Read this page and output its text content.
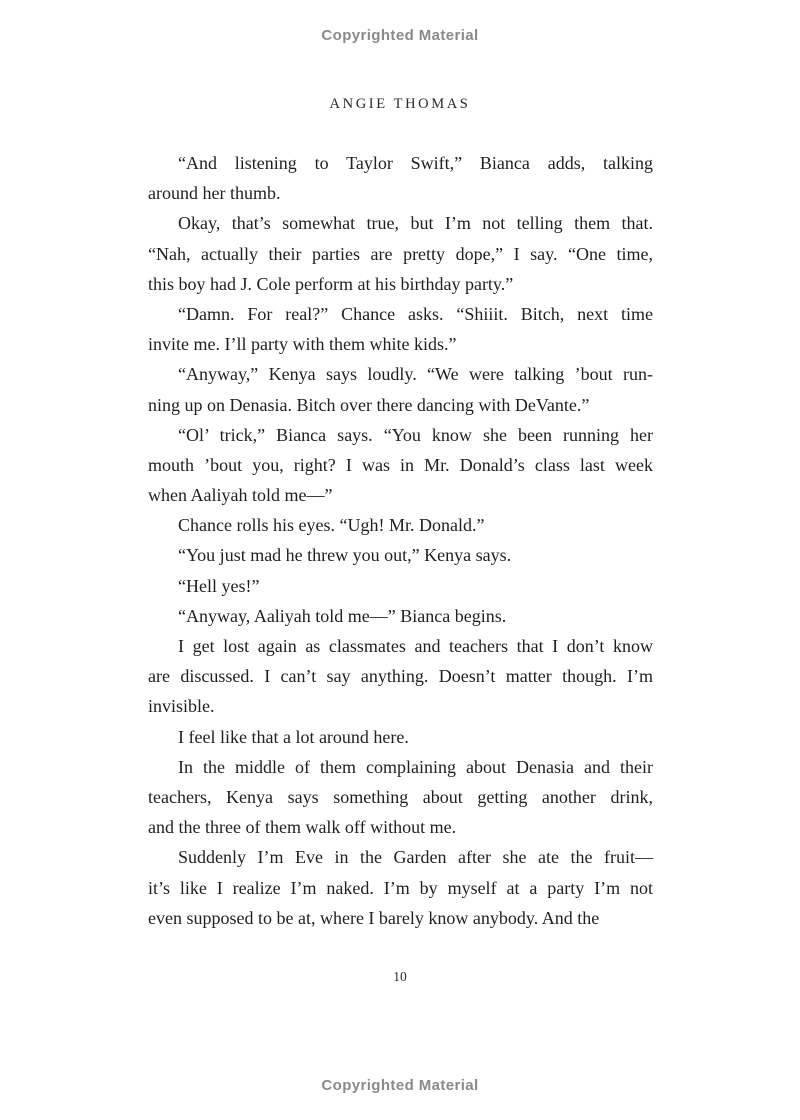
Copyrighted Material
ANGIE THOMAS
“And listening to Taylor Swift,” Bianca adds, talking
around her thumb.
Okay, that’s somewhat true, but I’m not telling them that.
“Nah, actually their parties are pretty dope,” I say. “One time,
this boy had J. Cole perform at his birthday party.”
“Damn. For real?” Chance asks. “Shiiit. Bitch, next time
invite me. I’ll party with them white kids.”
“Anyway,” Kenya says loudly. “We were talking ’bout run-
ning up on Denasia. Bitch over there dancing with DeVante.”
“Ol’ trick,” Bianca says. “You know she been running her
mouth ’bout you, right? I was in Mr. Donald’s class last week
when Aaliyah told me—”
Chance rolls his eyes. “Ugh! Mr. Donald.”
“You just mad he threw you out,” Kenya says.
“Hell yes!”
“Anyway, Aaliyah told me—” Bianca begins.
I get lost again as classmates and teachers that I don’t know
are discussed. I can’t say anything. Doesn’t matter though. I’m
invisible.
I feel like that a lot around here.
In the middle of them complaining about Denasia and their
teachers, Kenya says something about getting another drink,
and the three of them walk off without me.
Suddenly I’m Eve in the Garden after she ate the fruit—
it’s like I realize I’m naked. I’m by myself at a party I’m not
even supposed to be at, where I barely know anybody. And the
10
Copyrighted Material
